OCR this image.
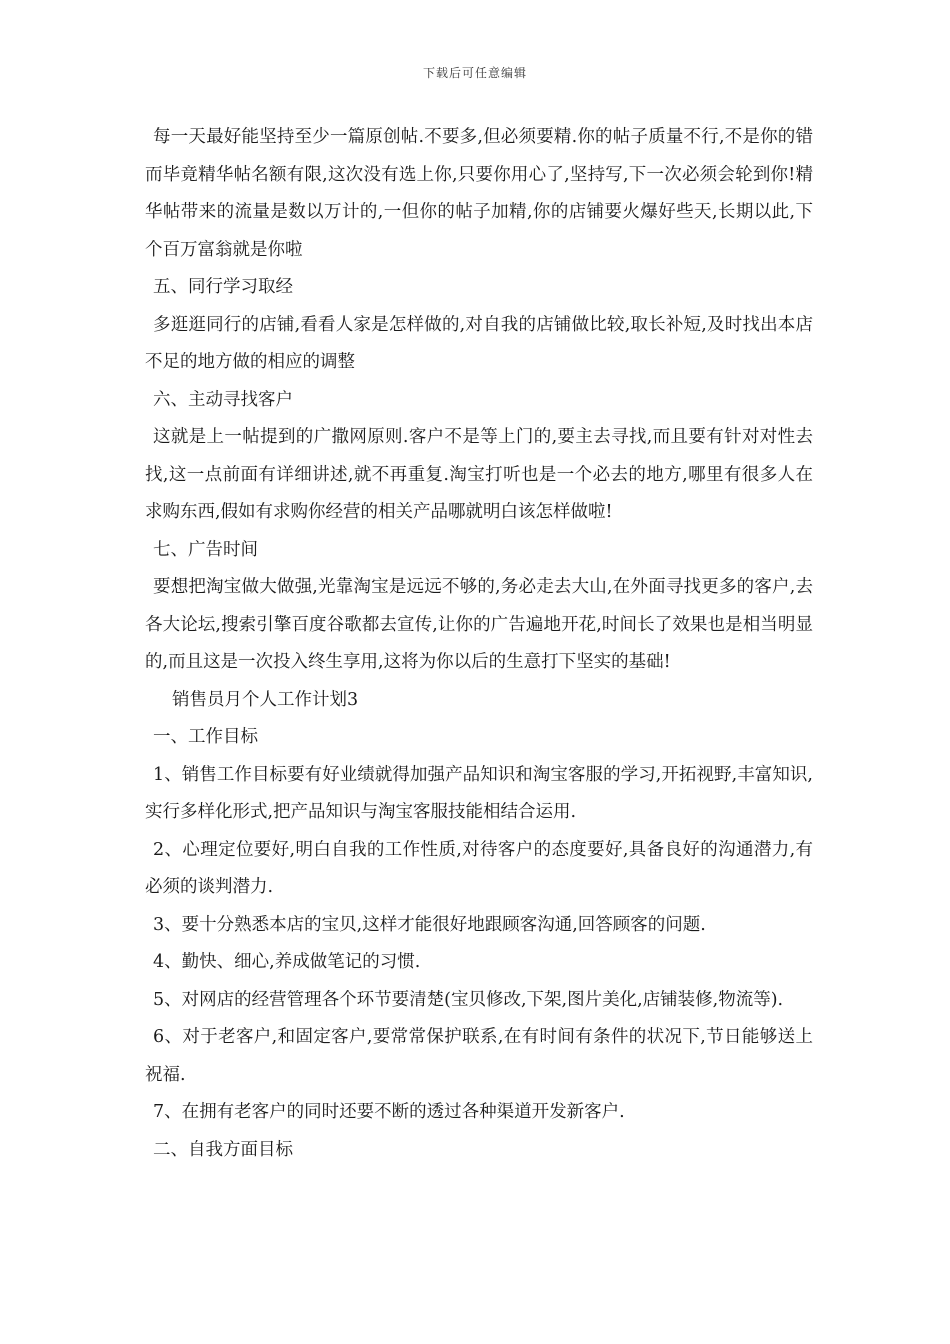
下载后可任意编辑

每一天最好能坚持至少一篇原创帖.不要多,但必须要精.你的帖子质量不行,不是你的错而毕竟精华帖名额有限,这次没有选上你,只要你用心了,坚持写,下一次必须会轮到你!精华帖带来的流量是数以万计的,一但你的帖子加精,你的店铺要火爆好些天,长期以此,下个百万富翁就是你啦

五、同行学习取经

多逛逛同行的店铺,看看人家是怎样做的,对自我的店铺做比较,取长补短,及时找出本店不足的地方做的相应的调整

六、主动寻找客户

这就是上一帖提到的广撒网原则.客户不是等上门的,要主去寻找,而且要有针对对性去找,这一点前面有详细讲述,就不再重复.淘宝打听也是一个必去的地方,哪里有很多人在求购东西,假如有求购你经营的相关产品哪就明白该怎样做啦!

七、广告时间

要想把淘宝做大做强,光靠淘宝是远远不够的,务必走去大山,在外面寻找更多的客户,去各大论坛,搜索引擎百度谷歌都去宣传,让你的广告遍地开花,时间长了效果也是相当明显的,而且这是一次投入终生享用,这将为你以后的生意打下坚实的基础!

销售员月个人工作计划3

一、工作目标

1、销售工作目标要有好业绩就得加强产品知识和淘宝客服的学习,开拓视野,丰富知识,实行多样化形式,把产品知识与淘宝客服技能相结合运用.

2、心理定位要好,明白自我的工作性质,对待客户的态度要好,具备良好的沟通潜力,有必须的谈判潜力.

3、要十分熟悉本店的宝贝,这样才能很好地跟顾客沟通,回答顾客的问题.

4、勤快、细心,养成做笔记的习惯.

5、对网店的经营管理各个环节要清楚(宝贝修改,下架,图片美化,店铺装修,物流等).

6、对于老客户,和固定客户,要常常保护联系,在有时间有条件的状况下,节日能够送上祝福.

7、在拥有老客户的同时还要不断的透过各种渠道开发新客户.

二、自我方面目标
